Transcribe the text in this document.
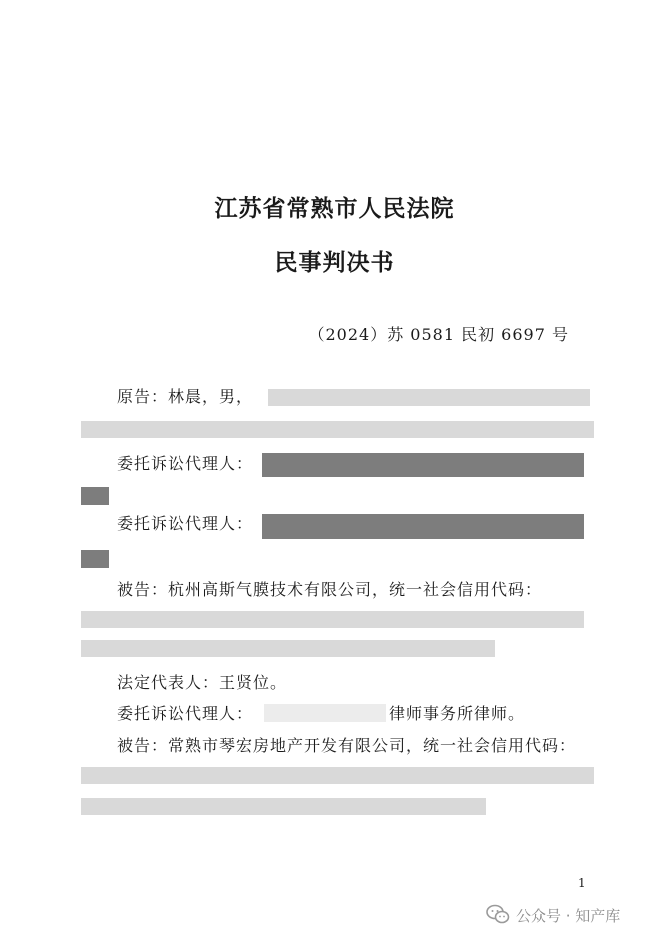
江苏省常熟市人民法院
民事判决书
（2024）苏 0581 民初 6697 号
原告：林晨，男，
委托诉讼代理人：
委托诉讼代理人：
被告：杭州高斯气膜技术有限公司，统一社会信用代码：
法定代表人：王贤位。
委托诉讼代理人：	律师事务所律师。
被告：常熟市琴宏房地产开发有限公司，统一社会信用代码：
1
公众号 · 知产库
